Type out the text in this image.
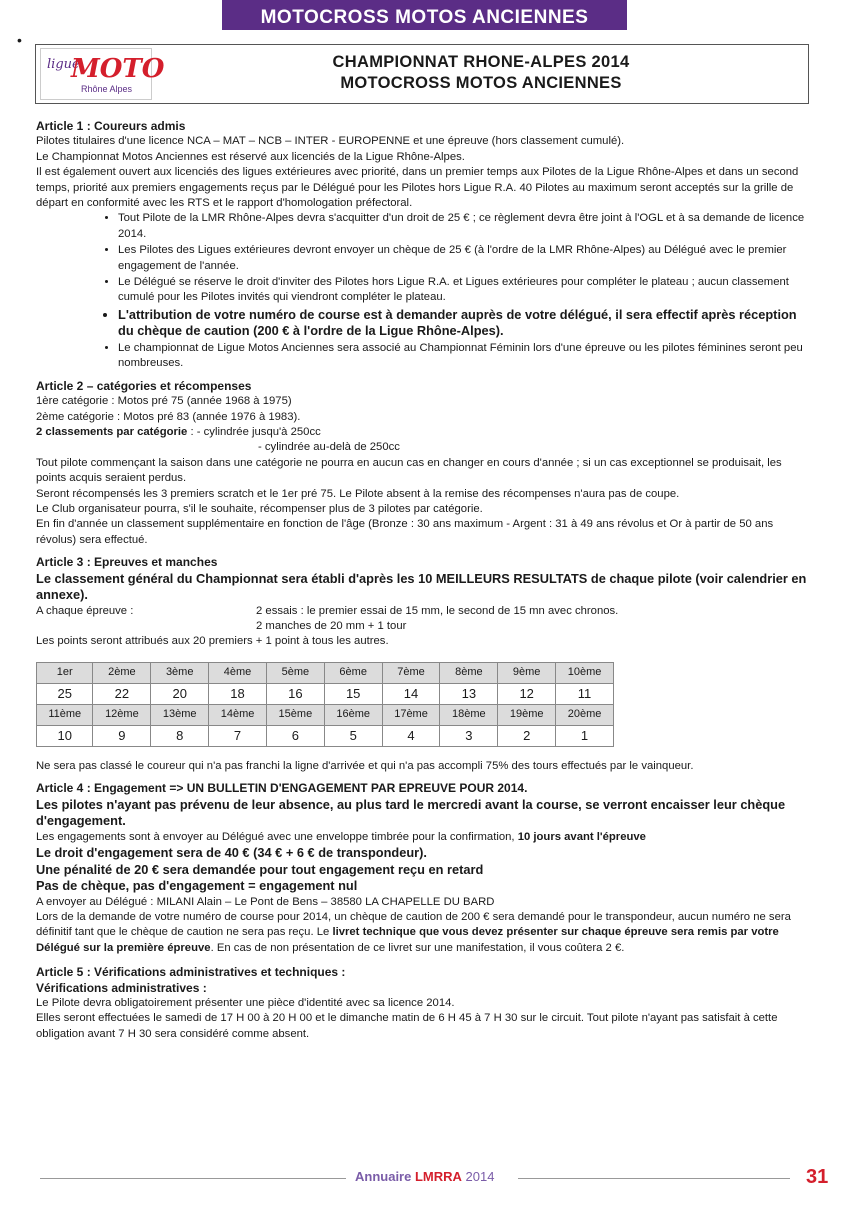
MOTOCROSS MOTOS ANCIENNES
•
ligue
MOTO
Rhône Alpes
CHAMPIONNAT RHONE-ALPES 2014
MOTOCROSS MOTOS ANCIENNES

Article 1 : Coureurs admis

Pilotes titulaires d'une licence NCA – MAT – NCB – INTER - EUROPENNE et une épreuve (hors classement cumulé).

Le Championnat Motos Anciennes est réservé aux licenciés de la Ligue Rhône-Alpes.

Il est également ouvert aux licenciés des ligues extérieures avec priorité, dans un premier temps aux Pilotes de la Ligue Rhône-Alpes et dans un second temps, priorité aux premiers engagements reçus par le Délégué pour les Pilotes hors Ligue R.A. 40 Pilotes au maximum seront acceptés sur la grille de départ en conformité avec les RTS et le rapport d'homologation préfectoral.

• Tout Pilote de la LMR Rhône-Alpes devra s'acquitter d'un droit de 25 € ; ce règlement devra être joint à l'OGL et à sa demande de licence 2014.
• Les Pilotes des Ligues extérieures devront envoyer un chèque de 25 € (à l'ordre de la LMR Rhône-Alpes) au Délégué avec le premier engagement de l'année.
• Le Délégué se réserve le droit d'inviter des Pilotes hors Ligue R.A. et Ligues extérieures pour compléter le plateau ; aucun classement cumulé pour les Pilotes invités qui viendront compléter le plateau.
• L'attribution de votre numéro de course est à demander auprès de votre délégué, il sera effectif après réception du chèque de caution (200 € à l'ordre de la Ligue Rhône-Alpes).
• Le championnat de Ligue Motos Anciennes sera associé au Championnat Féminin lors d'une épreuve ou les pilotes féminines seront peu nombreuses.

Article 2 – catégories et récompenses

1ère catégorie : Motos pré 75 (année 1968 à 1975)

2ème catégorie : Motos pré 83 (année 1976 à 1983).

2 classements par catégorie : - cylindrée jusqu'à 250cc

- cylindrée au-delà de 250cc

Tout pilote commençant la saison dans une catégorie ne pourra en aucun cas en changer en cours d'année ; si un cas exceptionnel se produisait, les points acquis seraient perdus.

Seront récompensés les 3 premiers scratch et le 1er pré 75. Le Pilote absent à la remise des récompenses n'aura pas de coupe.

Le Club organisateur pourra, s'il le souhaite, récompenser plus de 3 pilotes par catégorie.

En fin d'année un classement supplémentaire en fonction de l'âge (Bronze : 30 ans maximum - Argent : 31 à 49 ans révolus et Or à partir de 50 ans révolus) sera effectué.

Article 3 : Epreuves et manches

Le classement général du Championnat sera établi d'après les 10 MEILLEURS RESULTATS de chaque pilote (voir calendrier en annexe).

A chaque épreuve :	2 essais : le premier essai de 15 mm, le second de 15 mn avec chronos.
2 manches de 20 mm + 1 tour

Les points seront attribués aux 20 premiers + 1 point à tous les autres.

1er	2ème	3ème	4ème	5ème	6ème	7ème	8ème	9ème	10ème
25	22	20	18	16	15	14	13	12	11
11ème	12ème	13ème	14ème	15ème	16ème	17ème	18ème	19ème	20ème
10	9	8	7	6	5	4	3	2	1

Ne sera pas classé le coureur qui n'a pas franchi la ligne d'arrivée et qui n'a pas accompli 75% des tours effectués par le vainqueur.

Article 4 : Engagement => UN BULLETIN D'ENGAGEMENT PAR EPREUVE POUR 2014.

Les pilotes n'ayant pas prévenu de leur absence, au plus tard le mercredi avant la course, se verront encaisser leur chèque d'engagement.

Les engagements sont à envoyer au Délégué avec une enveloppe timbrée pour la confirmation, 10 jours avant l'épreuve

Le droit d'engagement sera de 40 € (34 € + 6 € de transpondeur).

Une pénalité de 20 € sera demandée pour tout engagement reçu en retard

Pas de chèque, pas d'engagement = engagement nul

A envoyer au Délégué : MILANI Alain – Le Pont de Bens – 38580 LA CHAPELLE DU BARD

Lors de la demande de votre numéro de course pour 2014, un chèque de caution de 200 € sera demandé pour le transpondeur, aucun numéro ne sera définitif tant que le chèque de caution ne sera pas reçu. Le livret technique que vous devez présenter sur chaque épreuve sera remis par votre Délégué sur la première épreuve. En cas de non présentation de ce livret sur une manifestation, il vous coûtera 2 €.

Article 5 : Vérifications administratives et techniques :

Vérifications administratives :

Le Pilote devra obligatoirement présenter une pièce d'identité avec sa licence 2014.

Elles seront effectuées le samedi de 17 H 00 à 20 H 00 et le dimanche matin de 6 H 45 à 7 H 30 sur le circuit. Tout pilote n'ayant pas satisfait à cette obligation avant 7 H 30 sera considéré comme absent.

Annuaire LMRRA 2014	31
